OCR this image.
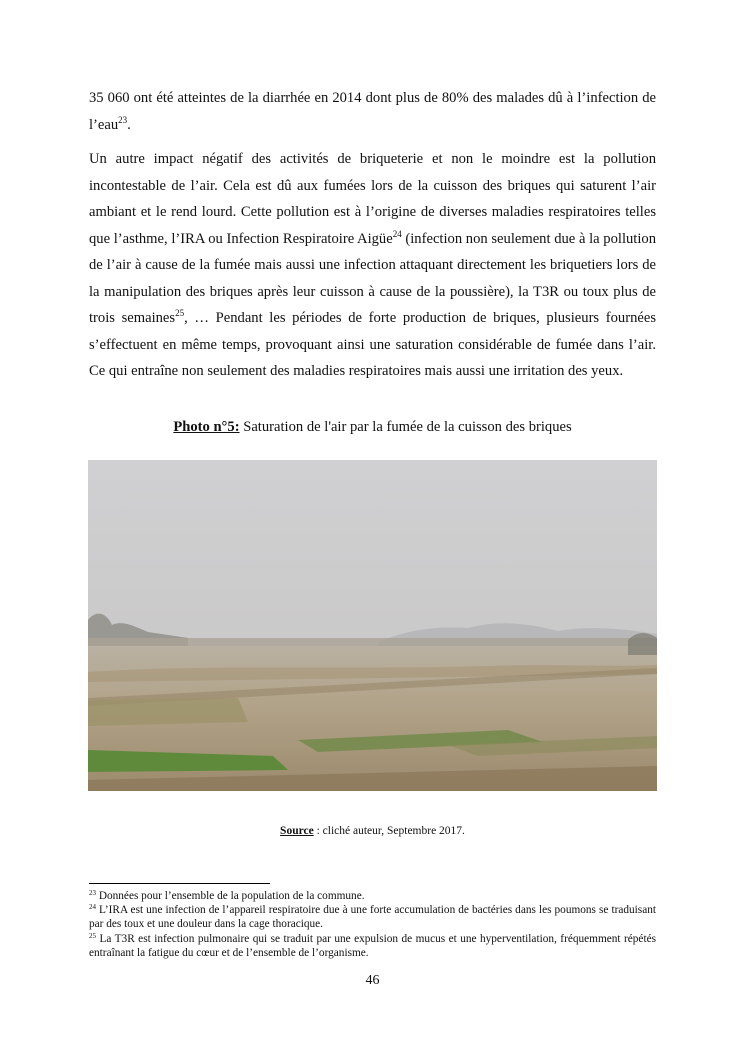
35 060 ont été atteintes de la diarrhée en 2014 dont plus de 80% des malades dû à l’infection de l’eau$^{23}$.

Un autre impact négatif des activités de briqueterie et non le moindre est la pollution incontestable de l’air. Cela est dû aux fumées lors de la cuisson des briques qui saturent l’air ambiant et le rend lourd. Cette pollution est à l’origine de diverses maladies respiratoires telles que l’asthme, l’IRA ou Infection Respiratoire Aigüe$^{24}$ (infection non seulement due à la pollution de l’air à cause de la fumée mais aussi une infection attaquant directement les briquetiers lors de la manipulation des briques après leur cuisson à cause de la poussière), la T3R ou toux plus de trois semaines$^{25}$, … Pendant les périodes de forte production de briques, plusieurs fournées s’effectuent en même temps, provoquant ainsi une saturation considérable de fumée dans l’air. Ce qui entraîne non seulement des maladies respiratoires mais aussi une irritation des yeux.

Photo n°5: Saturation de l'air par la fumée de la cuisson des briques
Source : cliché auteur, Septembre 2017.

$^{23}$ Données pour l’ensemble de la population de la commune.

$^{24}$ L’IRA est une infection de l’appareil respiratoire due à une forte accumulation de bactéries dans les poumons se traduisant par des toux et une douleur dans la cage thoracique.

$^{25}$ La T3R est infection pulmonaire qui se traduit par une expulsion de mucus et une hyperventilation, fréquemment répétés entraînant la fatigue du cœur et de l’ensemble de l’organisme.

46
